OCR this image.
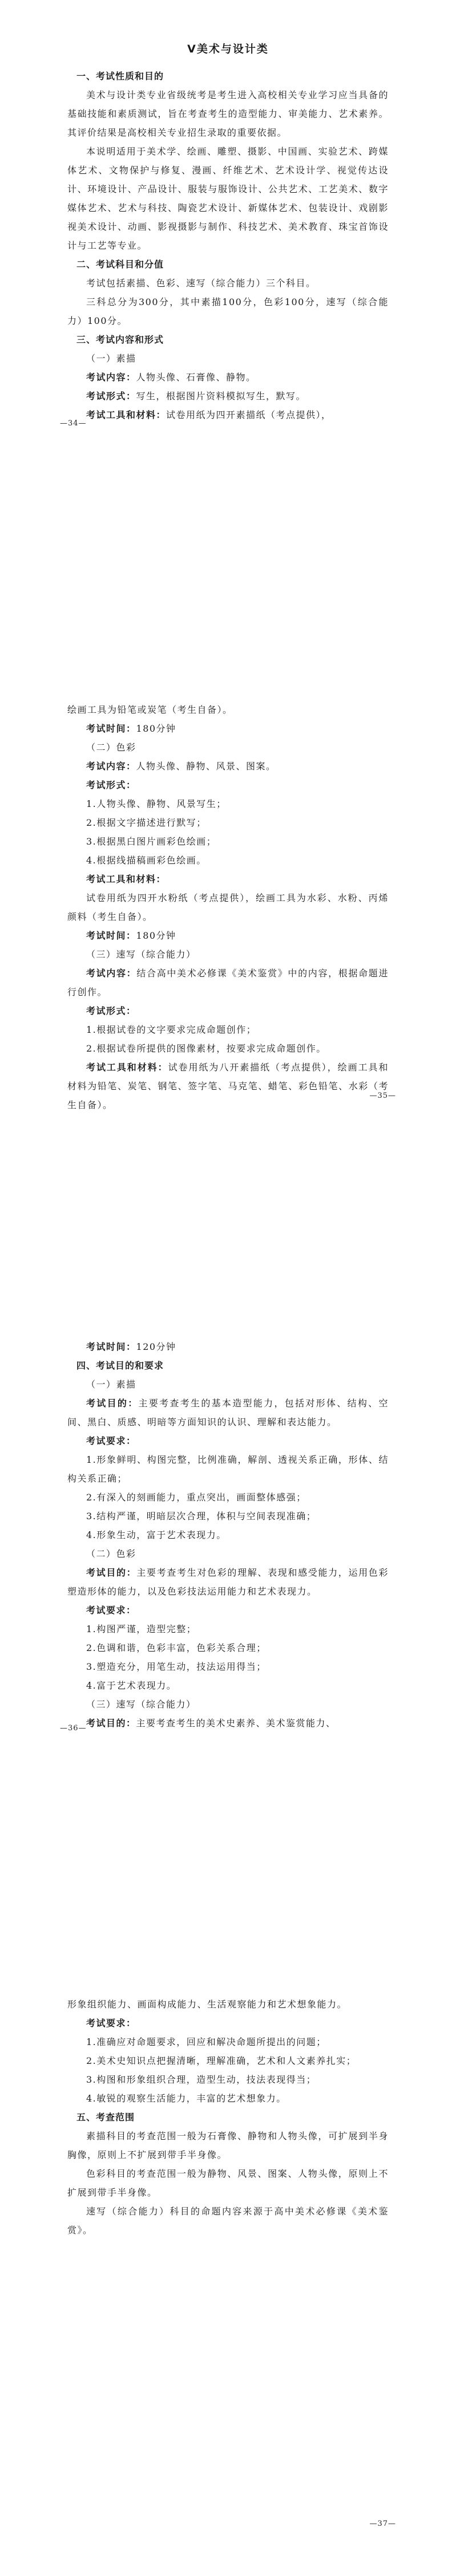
Ⅴ美术与设计类

一、考试性质和目的

美术与设计类专业省级统考是考生进入高校相关专业学习应当具备的基础技能和素质测试，旨在考查考生的造型能力、审美能力、艺术素养。其评价结果是高校相关专业招生录取的重要依据。

本说明适用于美术学、绘画、雕塑、摄影、中国画、实验艺术、跨媒体艺术、文物保护与修复、漫画、纤维艺术、艺术设计学、视觉传达设计、环境设计、产品设计、服装与服饰设计、公共艺术、工艺美术、数字媒体艺术、艺术与科技、陶瓷艺术设计、新媒体艺术、包装设计、戏剧影视美术设计、动画、影视摄影与制作、科技艺术、美术教育、珠宝首饰设计与工艺等专业。

二、考试科目和分值

考试包括素描、色彩、速写（综合能力）三个科目。

三科总分为300分，其中素描100分，色彩100分，速写（综合能力）100分。

三、考试内容和形式
（一）素描

考试内容：人物头像、石膏像、静物。

考试形式：写生，根据图片资料模拟写生，默写。

考试工具和材料：试卷用纸为四开素描纸（考点提供），

—34—

绘画工具为铅笔或炭笔（考生自备）。

考试时间：180分钟

（二）色彩

考试内容：人物头像、静物、风景、图案。

考试形式：

1.人物头像、静物、风景写生；

2.根据文字描述进行默写；

3.根据黑白图片画彩色绘画；

4.根据线描稿画彩色绘画。

考试工具和材料：

试卷用纸为四开水粉纸（考点提供），绘画工具为水彩、水粉、丙烯颜料（考生自备）。

考试时间：180分钟

（三）速写（综合能力）

考试内容：结合高中美术必修课《美术鉴赏》中的内容，根据命题进行创作。

考试形式：

1.根据试卷的文字要求完成命题创作；

2.根据试卷所提供的图像素材，按要求完成命题创作。

考试工具和材料：试卷用纸为八开素描纸（考点提供），绘画工具和材料为铅笔、炭笔、钢笔、签字笔、马克笔、蜡笔、彩色铅笔、水彩（考生自备）。

—35—

考试时间：120分钟

四、考试目的和要求
（一）素描

考试目的：主要考查考生的基本造型能力，包括对形体、结构、空间、黑白、质感、明暗等方面知识的认识、理解和表达能力。

考试要求：

1.形象鲜明、构图完整，比例准确，解剖、透视关系正确，形体、结构关系正确；

2.有深入的刻画能力，重点突出，画面整体感强；

3.结构严谨，明暗层次合理，体积与空间表现准确；

4.形象生动，富于艺术表现力。

（二）色彩

考试目的：主要考查考生对色彩的理解、表现和感受能力，运用色彩塑造形体的能力，以及色彩技法运用能力和艺术表现力。

考试要求：

1.构图严谨，造型完整；

2.色调和谐，色彩丰富，色彩关系合理；

3.塑造充分，用笔生动，技法运用得当；

4.富于艺术表现力。

（三）速写（综合能力）

考试目的：主要考查考生的美术史素养、美术鉴赏能力、

—36—

形象组织能力、画面构成能力、生活观察能力和艺术想象能力。

考试要求：

1.准确应对命题要求，回应和解决命题所提出的问题；

2.美术史知识点把握清晰，理解准确，艺术和人文素养扎实；

3.构图和形象组织合理，造型生动，技法表现得当；

4.敏锐的观察生活能力，丰富的艺术想象力。

五、考查范围

素描科目的考查范围一般为石膏像、静物和人物头像，可扩展到半身胸像，原则上不扩展到带手半身像。

色彩科目的考查范围一般为静物、风景、图案、人物头像，原则上不扩展到带手半身像。

速写（综合能力）科目的命题内容来源于高中美术必修课《美术鉴赏》。

—37—
